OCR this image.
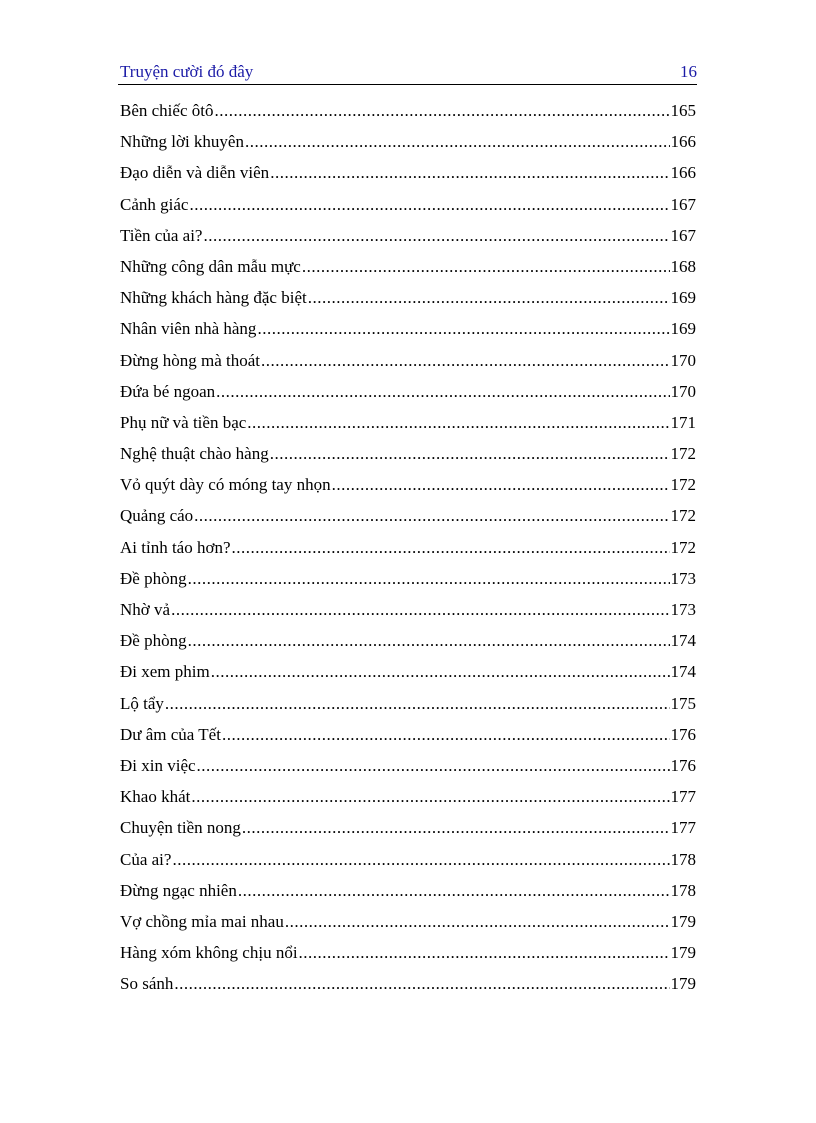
Truyện cười đó đây	16
Bên chiếc ôtô .....	165
Những lời khuyên .....	166
Đạo diễn và diễn viên .....	166
Cảnh giác .....	167
Tiền của ai? .....	167
Những công dân mẫu mực .....	168
Những khách hàng đặc biệt .....	169
Nhân viên nhà hàng .....	169
Đừng hòng mà thoát .....	170
Đứa bé ngoan .....	170
Phụ nữ và tiền bạc .....	171
Nghệ thuật chào hàng .....	172
Vỏ quýt dày có móng tay nhọn .....	172
Quảng cáo .....	172
Ai tỉnh táo hơn? .....	172
Đề phòng .....	173
Nhờ vả .....	173
Đề phòng .....	174
Đi xem phim .....	174
Lộ tẩy .....	175
Dư âm của Tết .....	176
Đi xin việc .....	176
Khao khát .....	177
Chuyện tiền nong .....	177
Của ai? .....	178
Đừng ngạc nhiên .....	178
Vợ chồng mỉa mai nhau .....	179
Hàng xóm không chịu nổi .....	179
So sánh .....	179
